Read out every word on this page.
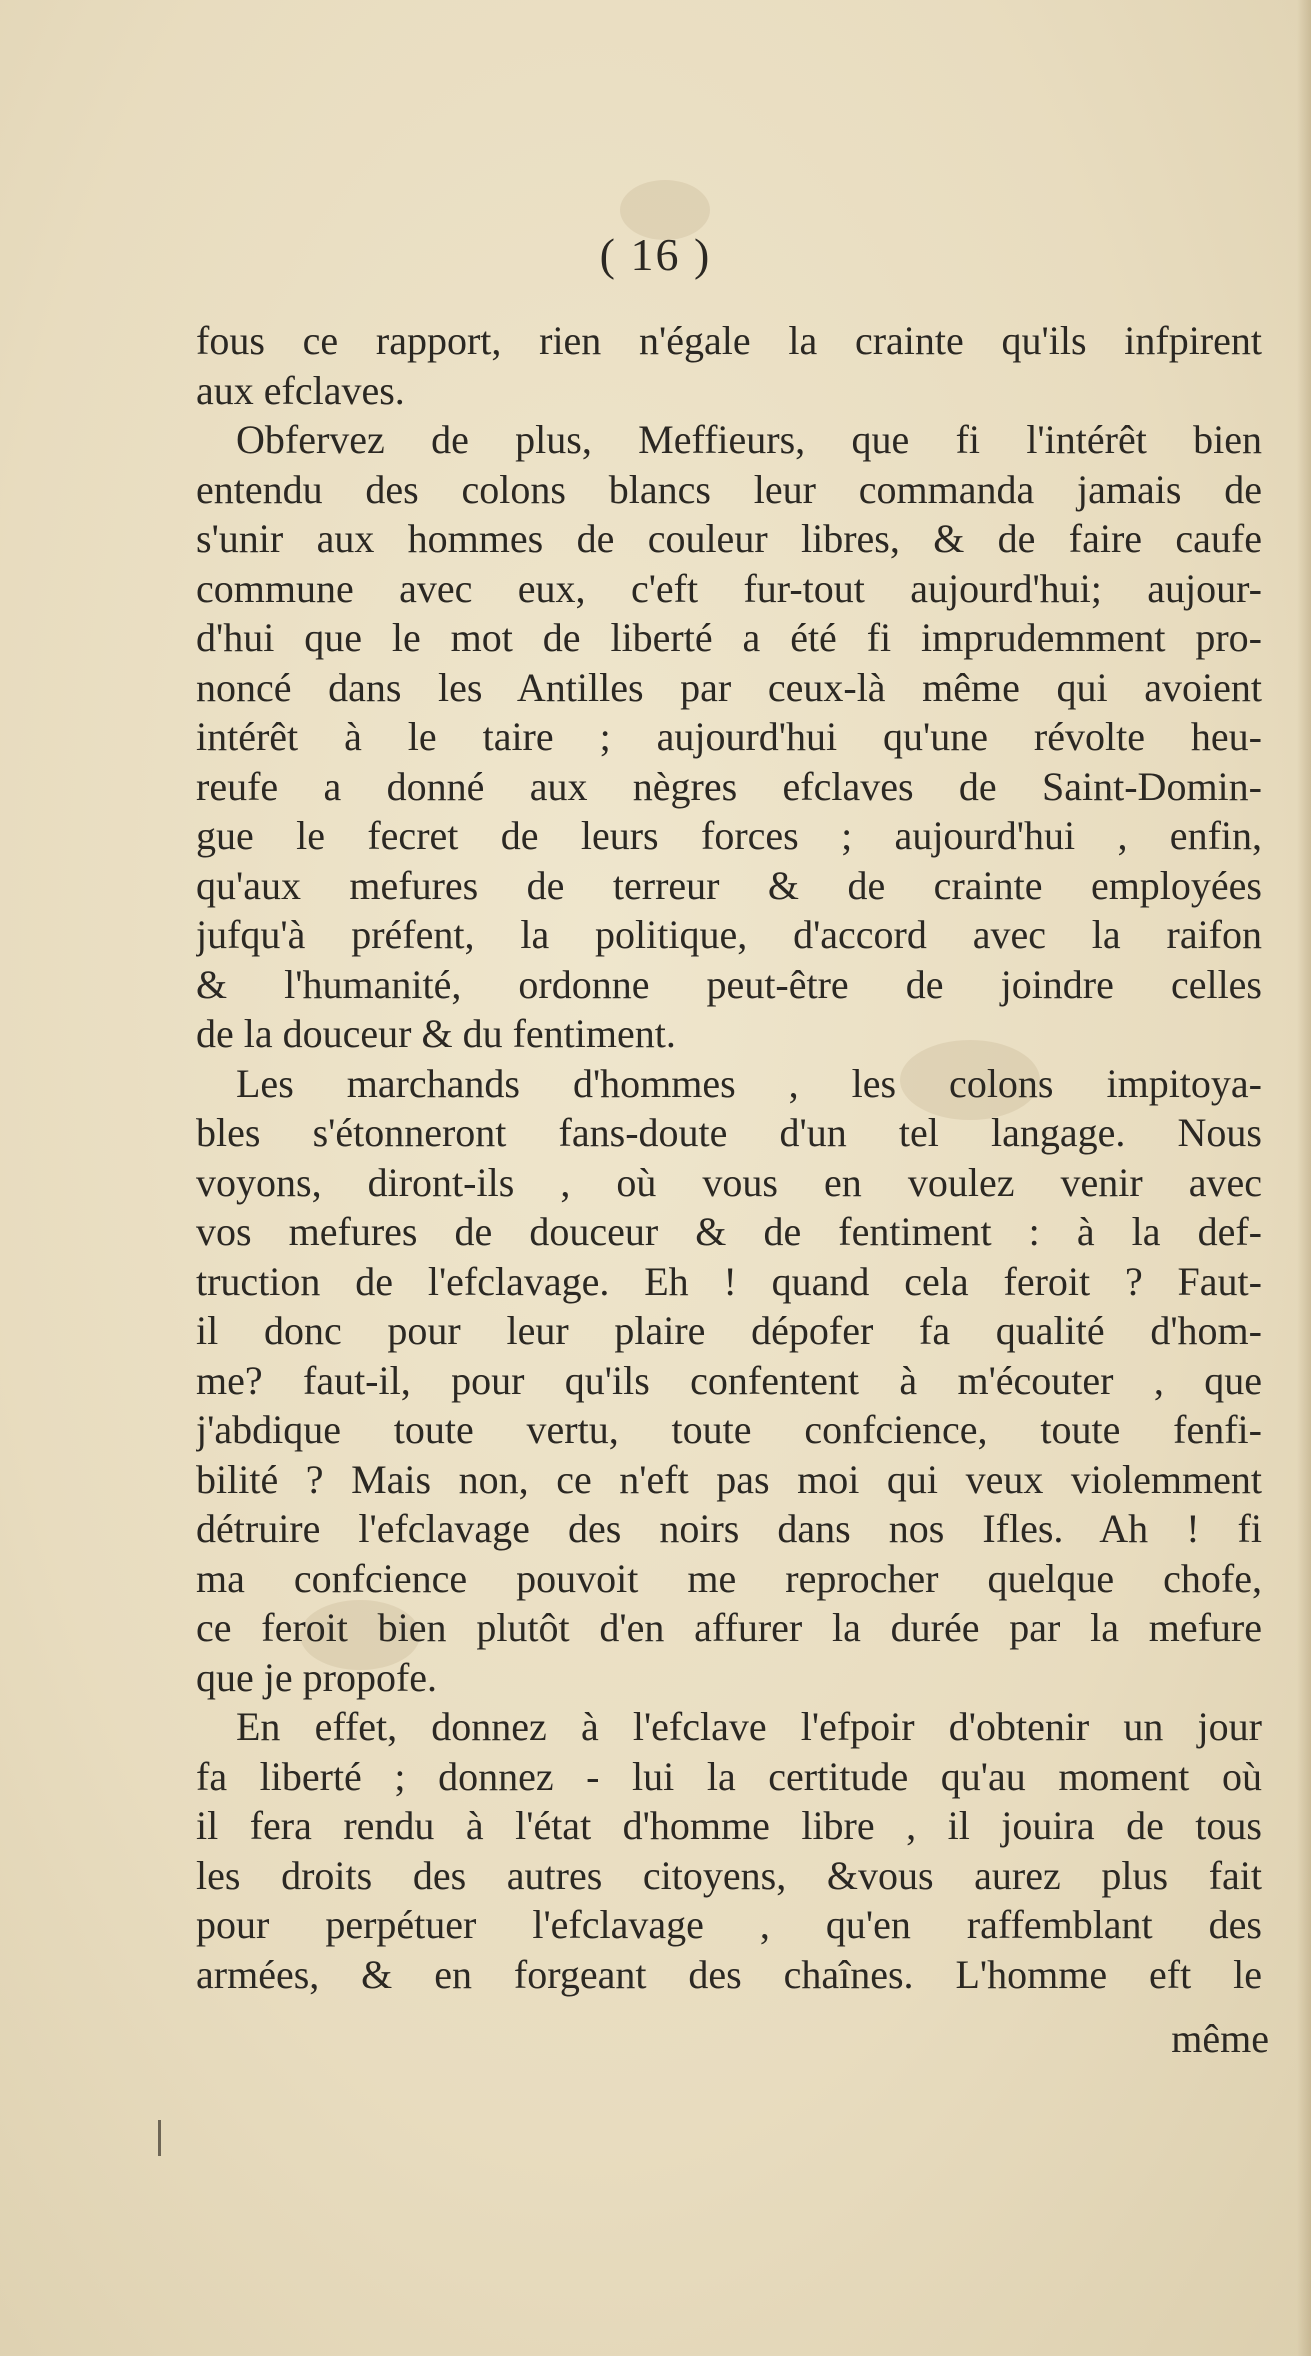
( 16 )
fous ce rapport, rien n'égale la crainte qu'ils infpirent
aux efclaves.
Obfervez de plus, Meffieurs, que fi l'intérêt bien
entendu des colons blancs leur commanda jamais de
s'unir aux hommes de couleur libres, & de faire caufe
commune avec eux, c'eft fur-tout aujourd'hui; aujour-
d'hui que le mot de liberté a été fi imprudemment pro-
noncé dans les Antilles par ceux-là même qui avoient
intérêt à le taire ; aujourd'hui qu'une révolte heu-
reufe a donné aux nègres efclaves de Saint-Domin-
gue le fecret de leurs forces ; aujourd'hui , enfin,
qu'aux mefures de terreur & de crainte employées
jufqu'à préfent, la politique, d'accord avec la raifon
& l'humanité, ordonne peut-être de joindre celles
de la douceur & du fentiment.
Les marchands d'hommes , les colons impitoya-
bles s'étonneront fans-doute d'un tel langage. Nous
voyons, diront-ils , où vous en voulez venir avec
vos mefures de douceur & de fentiment : à la def-
truction de l'efclavage. Eh ! quand cela feroit ? Faut-
il donc pour leur plaire dépofer fa qualité d'hom-
me? faut-il, pour qu'ils confentent à m'écouter , que
j'abdique toute vertu, toute confcience, toute fenfi-
bilité ? Mais non, ce n'eft pas moi qui veux violemment
détruire l'efclavage des noirs dans nos Ifles. Ah ! fi
ma confcience pouvoit me reprocher quelque chofe,
ce feroit bien plutôt d'en affurer la durée par la mefure
que je propofe.
En effet, donnez à l'efclave l'efpoir d'obtenir un jour
fa liberté ; donnez - lui la certitude qu'au moment où
il fera rendu à l'état d'homme libre , il jouira de tous
les droits des autres citoyens, &vous aurez plus fait
pour perpétuer l'efclavage , qu'en raffemblant des
armées, & en forgeant des chaînes. L'homme eft le
même
